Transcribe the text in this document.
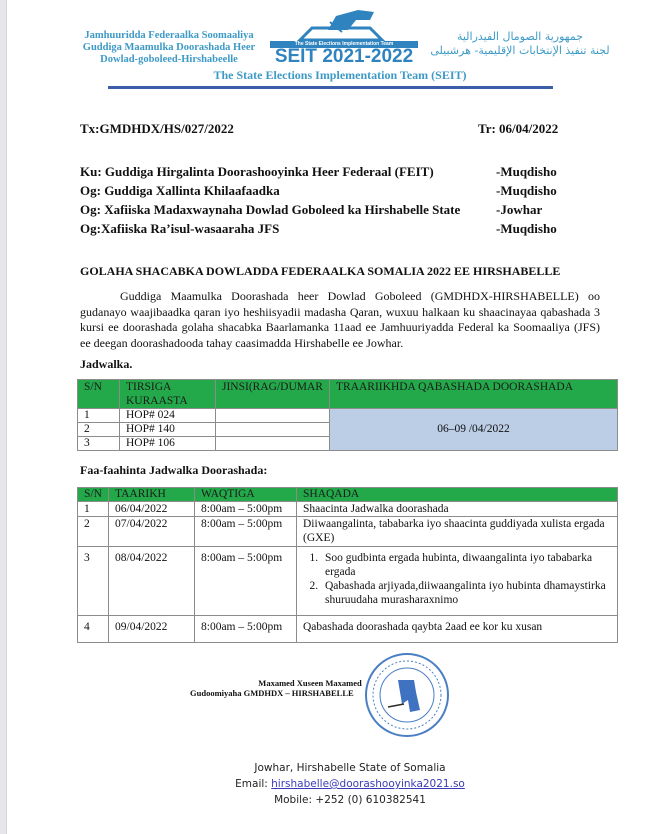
Jamhuuridda Federaalka Soomaaliya
Guddiga Maamulka Doorashada Heer
Dowlad-goboleed-Hirshabeelle
The State Elections Implementation Team
SEIT 2021-2022
جمهورية الصومال الفيدرالية
لجنة تنفيذ الإنتخابات الإقليمية- هرشبيلى
The State Elections Implementation Team (SEIT)
Tx:GMDHDX/HS/027/2022	Tr: 06/04/2022
Ku: Guddiga Hirgalinta Doorashooyinka Heer Federaal (FEIT)	-Muqdisho
Og: Guddiga Xallinta Khilaafaadka	-Muqdisho
Og: Xafiiska Madaxwaynaha Dowlad Goboleed ka Hirshabelle State	-Jowhar
Og:Xafiiska Ra’isul-wasaaraha JFS	-Muqdisho
GOLAHA SHACABKA DOWLADDA FEDERAALKA SOMALIA 2022 EE HIRSHABELLE
Guddiga Maamulka Doorashada heer Dowlad Goboleed (GMDHDX-HIRSHABELLE) oo gudanayo waajibaadka qaran iyo heshiisyadii madasha Qaran, wuxuu halkaan ku shaacinayaa qabashada 3 kursi ee doorashada golaha shacabka Baarlamanka 11aad ee Jamhuuriyadda Federal ka Soomaaliya (JFS) ee deegan doorashadooda tahay caasimadda Hirshabelle ee Jowhar.
Jadwalka.
S/N	TIRSIGA KURAASTA	JINSI(RAG/DUMAR	TRAARIIKHDA QABASHADA DOORASHADA
1	HOP# 024		06–09 /04/2022
2	HOP# 140		
3	HOP# 106		
Faa-faahinta Jadwalka Doorashada:
S/N	TAARIKH	WAQTIGA	SHAQADA
1	06/04/2022	8:00am – 5:00pm	Shaacinta Jadwalka doorashada
2	07/04/2022	8:00am – 5:00pm	Diiwaangalinta, tababarka iyo shaacinta guddiyada xulista ergada (GXE)
3	08/04/2022	8:00am – 5:00pm	
1.Soo gudbinta ergada hubinta, diwaangalinta iyo tababarka ergada
2. Qabashada arjiyada,diiwaangalinta iyo hubinta dhamaystirka shuruudaha murasharaxnimo

4	09/04/2022	8:00am – 5:00pm	Qabashada doorashada qaybta 2aad ee kor ku xusan
Maxamed Xuseen Maxamed
Gudoomiyaha GMDHDX – HIRSHABELLE
Jowhar, Hirshabelle State of Somalia
Email: hirshabelle@doorashooyinka2021.so
Mobile: +252 (0) 610382541
